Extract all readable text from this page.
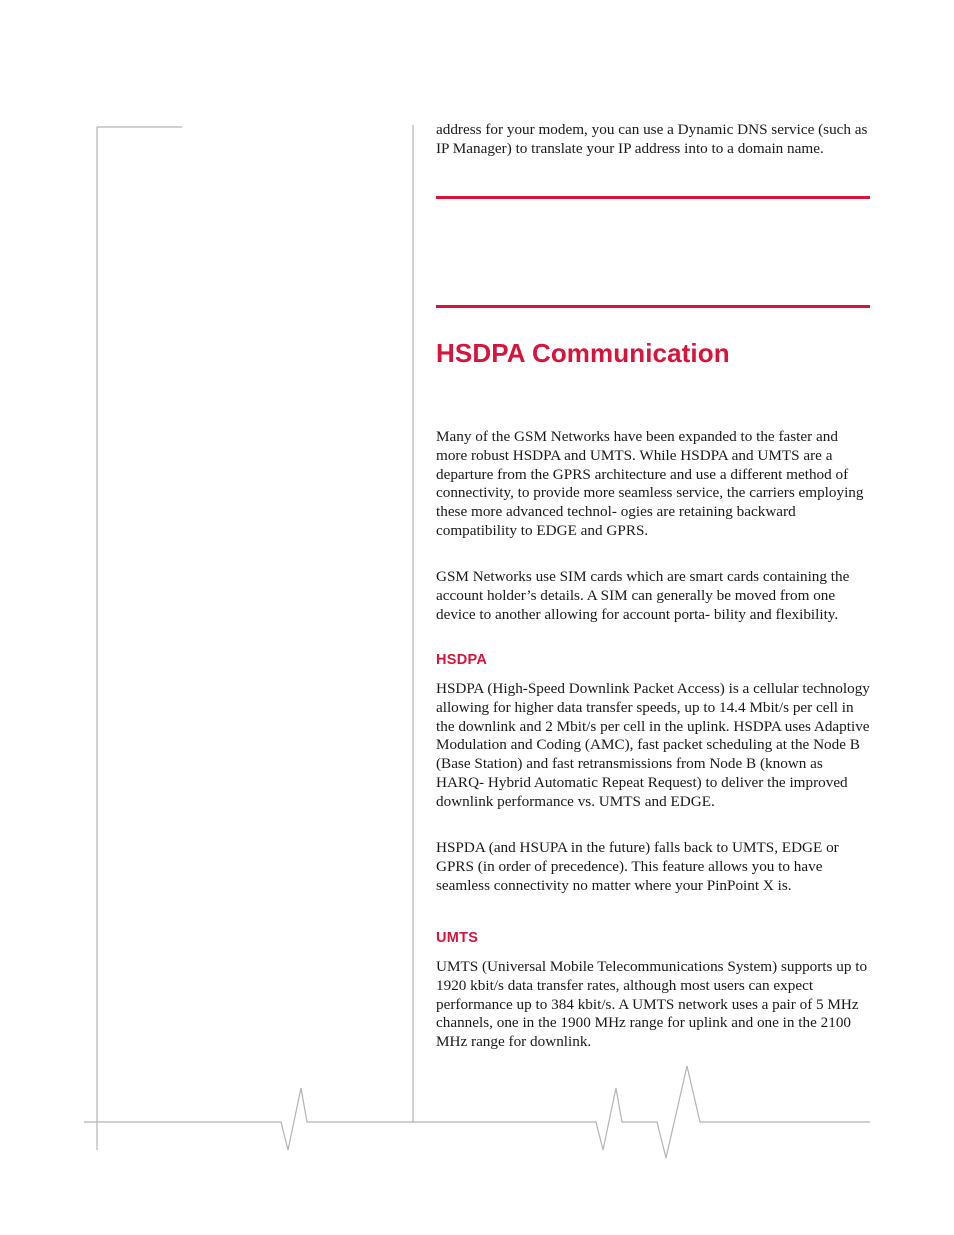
address for your modem, you can use a Dynamic DNS service (such as IP Manager) to translate your IP address into to a domain name.

HSDPA Communication

Many of the GSM Networks have been expanded to the faster and more robust HSDPA and UMTS. While HSDPA and UMTS are a departure from the GPRS architecture and use a different method of connectivity, to provide more seamless service, the carriers employing these more advanced technol- ogies are retaining backward compatibility to EDGE and GPRS.

GSM Networks use SIM cards which are smart cards containing the account holder’s details. A SIM can generally be moved from one device to another allowing for account porta- bility and flexibility.

HSDPA

HSDPA (High-Speed Downlink Packet Access) is a cellular technology allowing for higher data transfer speeds, up to 14.4 Mbit/s per cell in the downlink and 2 Mbit/s per cell in the uplink. HSDPA uses Adaptive Modulation and Coding (AMC), fast packet scheduling at the Node B (Base Station) and fast retransmissions from Node B (known as HARQ- Hybrid Automatic Repeat Request) to deliver the improved downlink performance vs. UMTS and EDGE.

HSPDA (and HSUPA in the future) falls back to UMTS, EDGE or GPRS (in order of precedence). This feature allows you to have seamless connectivity no matter where your PinPoint X is.

UMTS

UMTS (Universal Mobile Telecommunications System) supports up to 1920 kbit/s data transfer rates, although most users can expect performance up to 384 kbit/s. A UMTS network uses a pair of 5 MHz channels, one in the 1900 MHz range for uplink and one in the 2100 MHz range for downlink.
